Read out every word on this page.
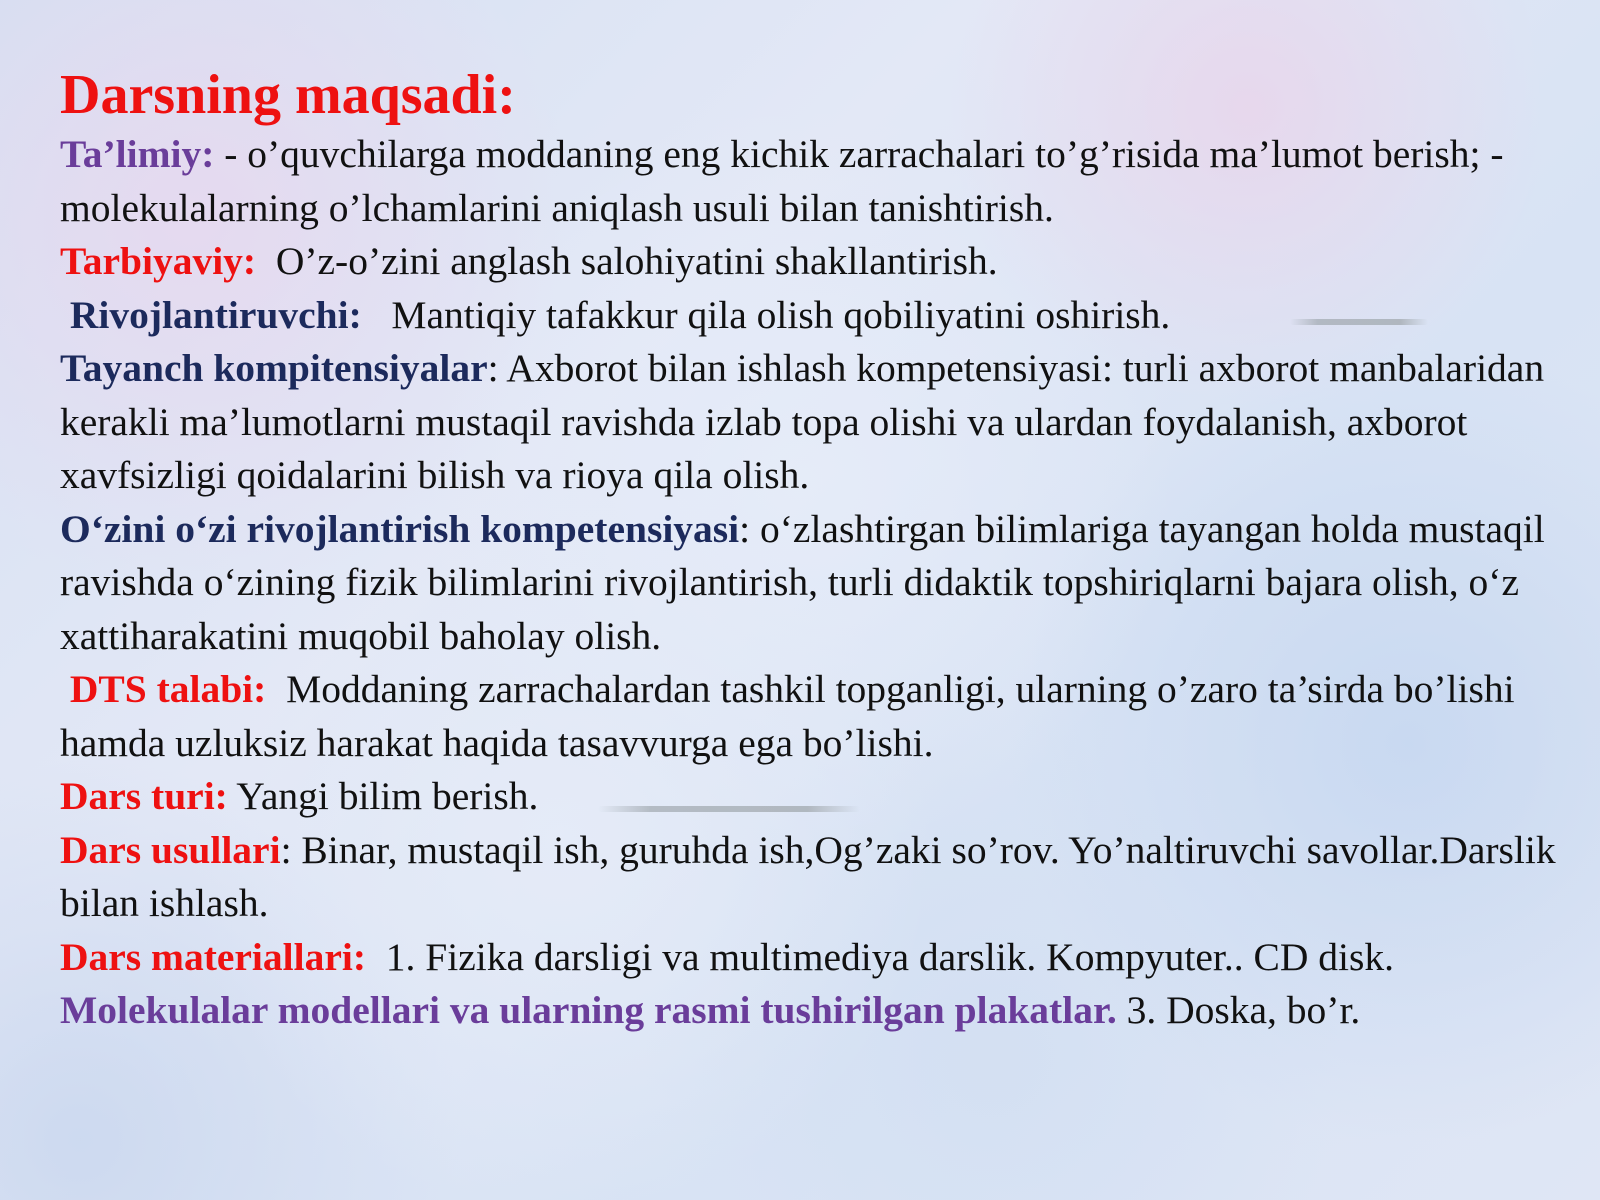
Darsning maqsadi:
Ta’limiy: - o’quvchilarga moddaning eng kichik zarrachalari to’g’risida ma’lumot berish; - molekulalarning o’lchamlarini aniqlash usuli bilan tanishtirish.
Tarbiyaviy:  O’z-o’zini anglash salohiyatini shakllantirish.
Rivojlantiruvchi:   Mantiqiy tafakkur qila olish qobiliyatini oshirish.
Tayanch kompitensiyalar: Axborot bilan ishlash kompetensiyasi: turli axborot manbalaridan kerakli ma’lumotlarni mustaqil ravishda izlab topa olishi va ulardan foydalanish, axborot xavfsizligi qoidalarini bilish va rioya qila olish.
O‘zini o‘zi rivojlantirish kompetensiyasi: o‘zlashtirgan bilimlariga tayangan holda mustaqil ravishda o‘zining fizik bilimlarini rivojlantirish, turli didaktik topshiriqlarni bajara olish, o‘z xattiharakatini muqobil baholay olish.
DTS talabi:  Moddaning zarrachalardan tashkil topganligi, ularning o’zaro ta’sirda bo’lishi hamda uzluksiz harakat haqida tasavvurga ega bo’lishi.
Dars turi: Yangi bilim berish.
Dars usullari: Binar, mustaqil ish, guruhda ish,Og’zaki so’rov. Yo’naltiruvchi savollar.Darslik bilan ishlash.
Dars materiallari:  1. Fizika darsligi va multimediya darslik. Kompyuter.. CD disk.
Molekulalar modellari va ularning rasmi tushirilgan plakatlar. 3. Doska, bo’r.
